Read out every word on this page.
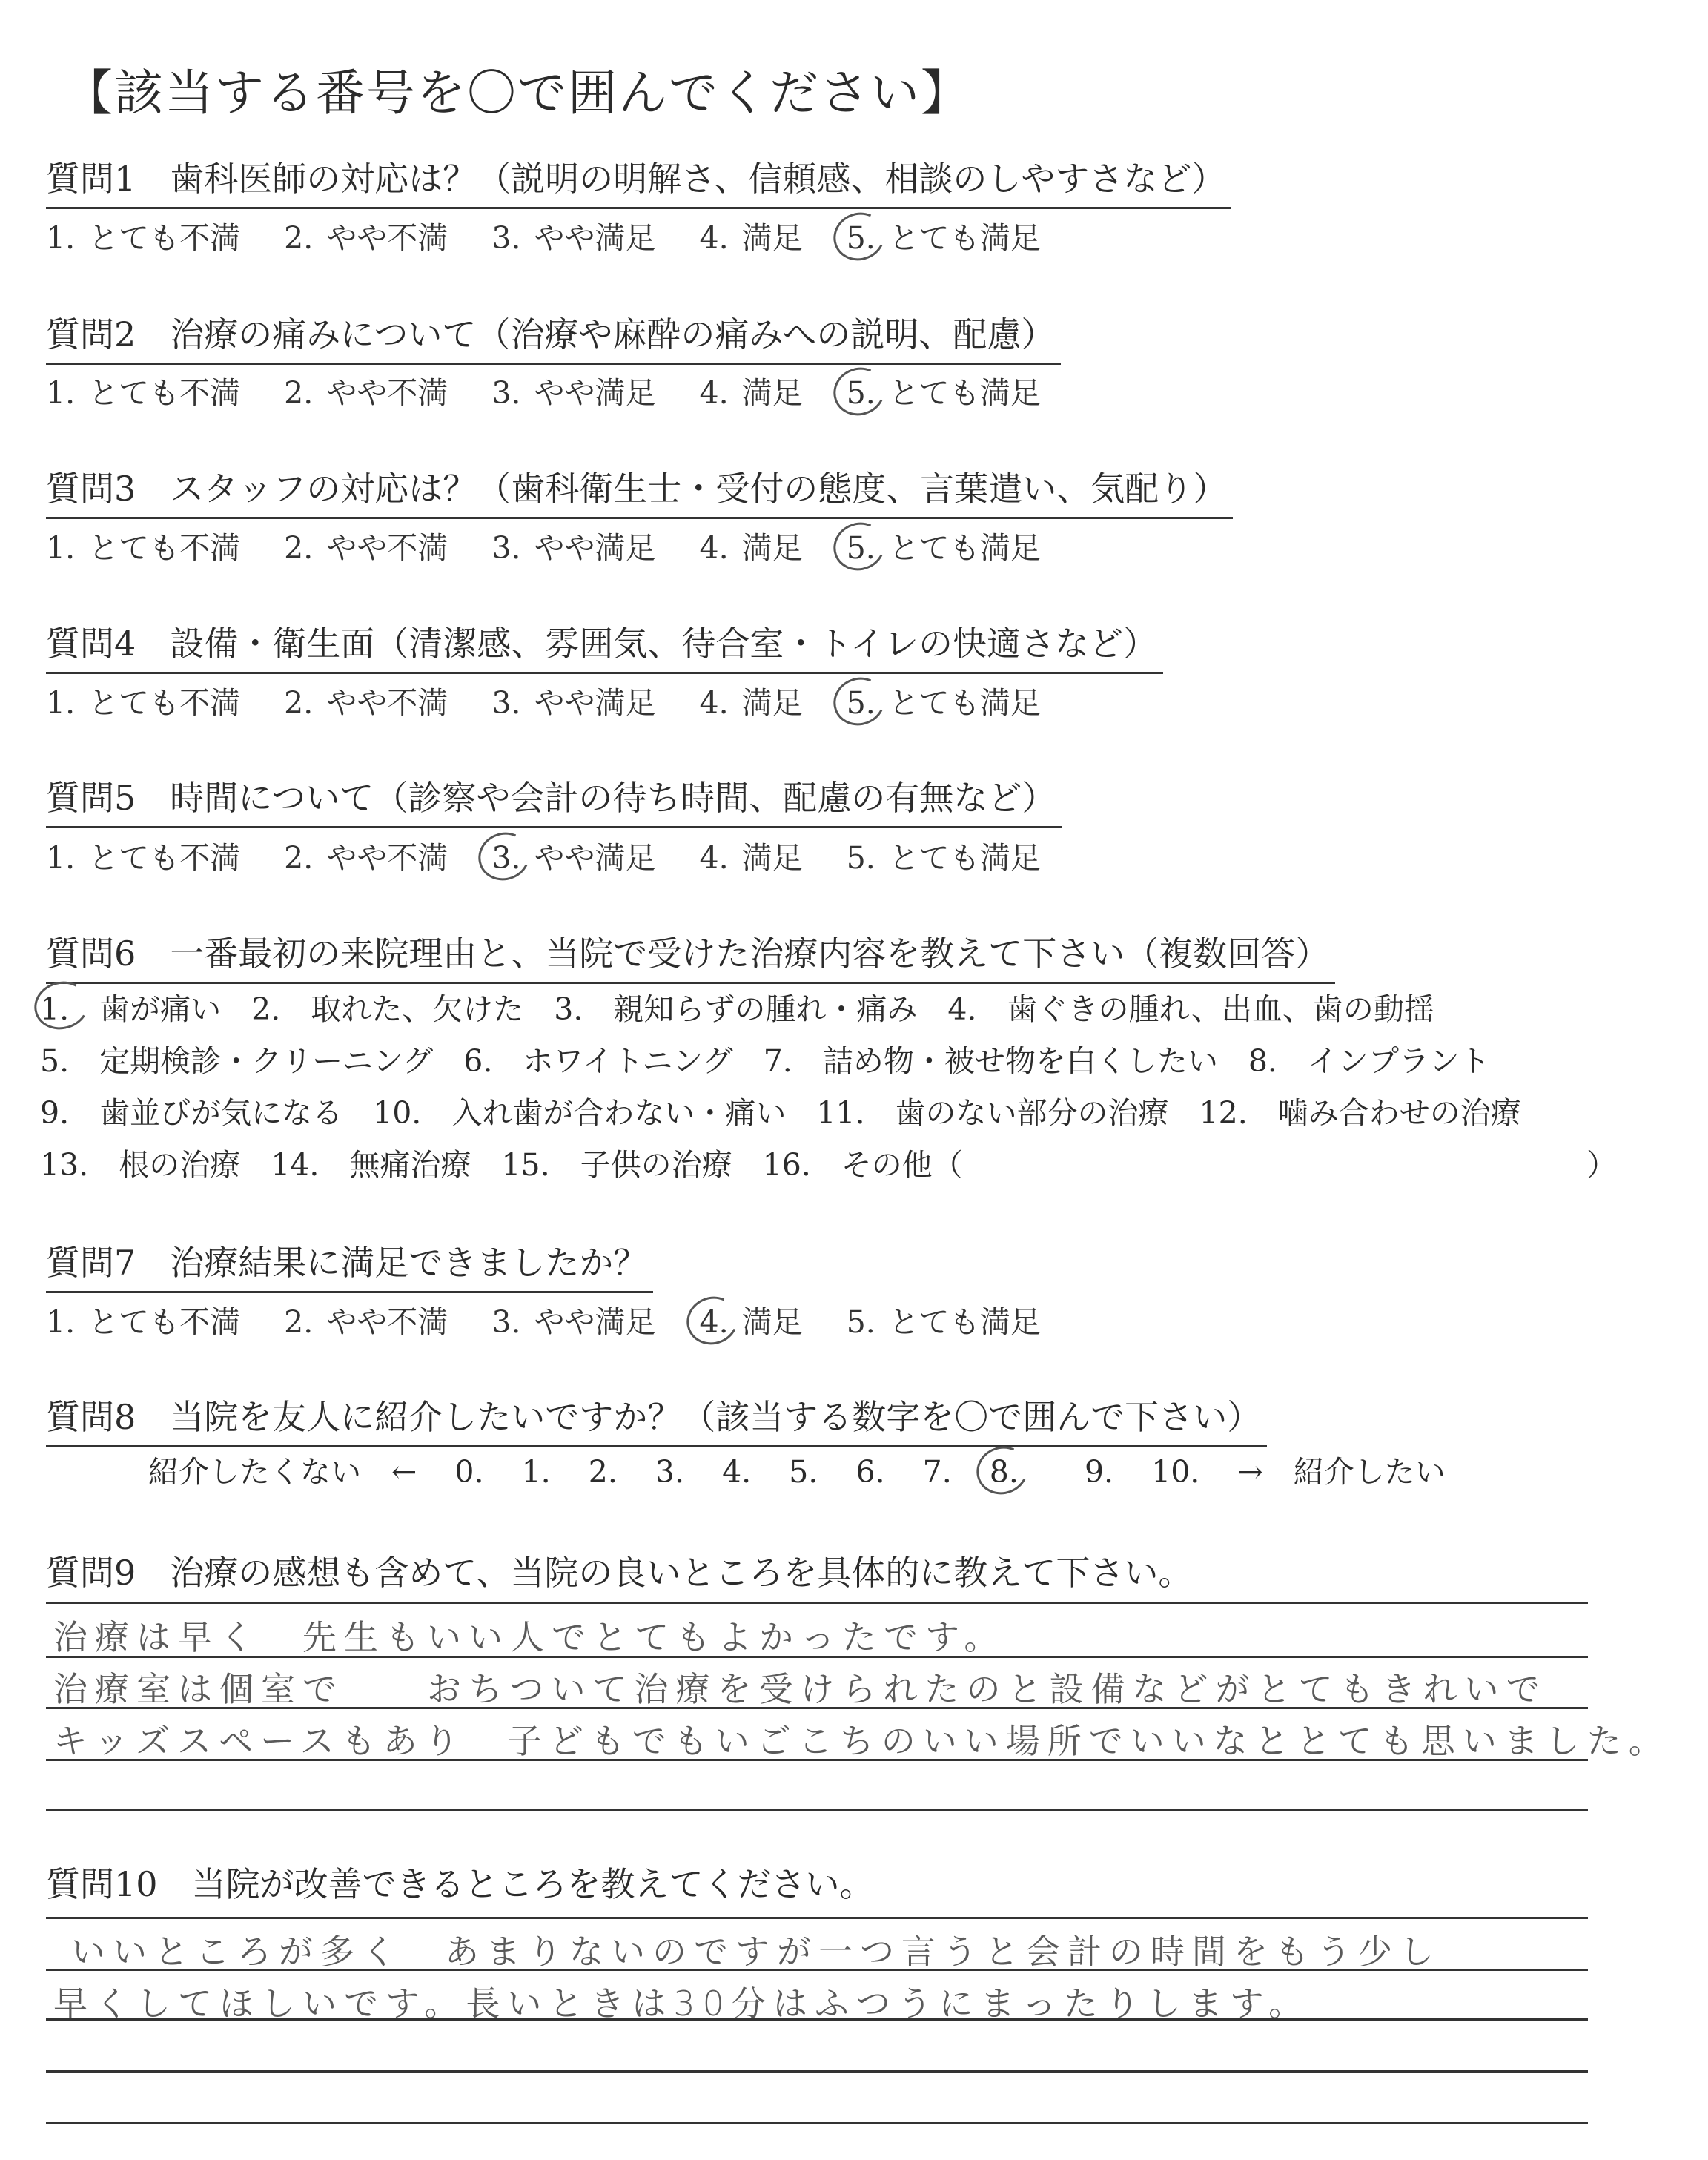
【該当する番号を〇で囲んでください】
質問1　歯科医師の対応は？（説明の明解さ、信頼感、相談のしやすさなど）
1. とても不満 2. やや不満 3. やや満足 4. 満足 5. とても満足
質問2　治療の痛みについて（治療や麻酔の痛みへの説明、配慮）
1. とても不満 2. やや不満 3. やや満足 4. 満足 5. とても満足
質問3　スタッフの対応は？（歯科衛生士・受付の態度、言葉遣い、気配り）
1. とても不満 2. やや不満 3. やや満足 4. 満足 5. とても満足
質問4　設備・衛生面（清潔感、雰囲気、待合室・トイレの快適さなど）
1. とても不満 2. やや不満 3. やや満足 4. 満足 5. とても満足
質問5　時間について（診察や会計の待ち時間、配慮の有無など）
1. とても不満 2. やや不満 3. やや満足 4. 満足 5. とても満足
質問6　一番最初の来院理由と、当院で受けた治療内容を教えて下さい（複数回答）
1.　歯が痛い　2.　取れた、欠けた　3.　親知らずの腫れ・痛み　4.　歯ぐきの腫れ、出血、歯の動揺
5.　定期検診・クリーニング　6.　ホワイトニング　7.　詰め物・被せ物を白くしたい　8.　インプラント
9.　歯並びが気になる　10.　入れ歯が合わない・痛い　11.　歯のない部分の治療　12.　噛み合わせの治療
13.　根の治療　14.　無痛治療　15.　子供の治療　16.　その他（	）
質問7　治療結果に満足できましたか？
1. とても不満 2. やや不満 3. やや満足 4. 満足 5. とても満足
質問8　当院を友人に紹介したいですか？（該当する数字を〇で囲んで下さい）
紹介したくない　← 0. 1. 2. 3. 4. 5. 6. 7. 8. 9. 10. →　紹介したい
質問9　治療の感想も含めて、当院の良いところを具体的に教えて下さい。
治療は早く　先生もいい人でとてもよかったです。
治療室は個室で　　おちついて治療を受けられたのと設備などがとてもきれいで
キッズスペースもあり　子どもでもいごこちのいい場所でいいなととても思いました。
質問10　当院が改善できるところを教えてください。
いいところが多く　あまりないのですが一つ言うと会計の時間をもう少し
早くしてほしいです。長いときは30分はふつうにまったりします。
